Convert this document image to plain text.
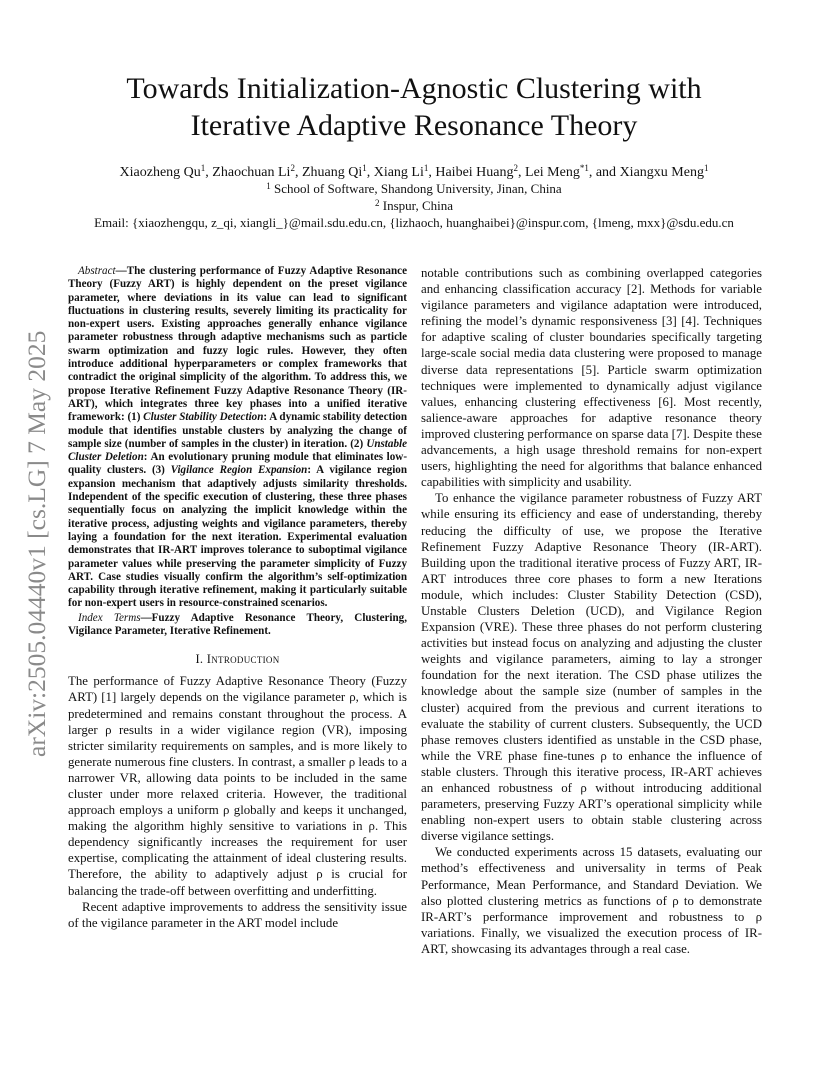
arXiv:2505.04440v1 [cs.LG] 7 May 2025
Towards Initialization-Agnostic Clustering with
Iterative Adaptive Resonance Theory
Xiaozheng Qu$^1$, Zhaochuan Li$^2$, Zhuang Qi$^1$, Xiang Li$^1$, Haibei Huang$^2$, Lei Meng$^{*1}$, and Xiangxu Meng$^1$
$^1$ School of Software, Shandong University, Jinan, China
$^2$ Inspur, China
Email: {xiaozhengqu, z_qi, xiangli_}@mail.sdu.edu.cn, {lizhaoch, huanghaibei}@inspur.com, {lmeng, mxx}@sdu.edu.cn

Abstract—The clustering performance of Fuzzy Adaptive Resonance Theory (Fuzzy ART) is highly dependent on the preset vigilance parameter, where deviations in its value can lead to significant fluctuations in clustering results, severely limiting its practicality for non-expert users. Existing approaches generally enhance vigilance parameter robustness through adaptive mechanisms such as particle swarm optimization and fuzzy logic rules. However, they often introduce additional hyperparameters or complex frameworks that contradict the original simplicity of the algorithm. To address this, we propose Iterative Refinement Fuzzy Adaptive Resonance Theory (IR-ART), which integrates three key phases into a unified iterative framework: (1) Cluster Stability Detection: A dynamic stability detection module that identifies unstable clusters by analyzing the change of sample size (number of samples in the cluster) in iteration. (2) Unstable Cluster Deletion: An evolutionary pruning module that eliminates low-quality clusters. (3) Vigilance Region Expansion: A vigilance region expansion mechanism that adaptively adjusts similarity thresholds. Independent of the specific execution of clustering, these three phases sequentially focus on analyzing the implicit knowledge within the iterative process, adjusting weights and vigilance parameters, thereby laying a foundation for the next iteration. Experimental evaluation demonstrates that IR-ART improves tolerance to suboptimal vigilance parameter values while preserving the parameter simplicity of Fuzzy ART. Case studies visually confirm the algorithm’s self-optimization capability through iterative refinement, making it particularly suitable for non-expert users in resource-constrained scenarios.

Index Terms—Fuzzy Adaptive Resonance Theory, Clustering, Vigilance Parameter, Iterative Refinement.

I. Introduction

The performance of Fuzzy Adaptive Resonance Theory (Fuzzy ART) [1] largely depends on the vigilance parameter ρ, which is predetermined and remains constant throughout the process. A larger ρ results in a wider vigilance region (VR), imposing stricter similarity requirements on samples, and is more likely to generate numerous fine clusters. In contrast, a smaller ρ leads to a narrower VR, allowing data points to be included in the same cluster under more relaxed criteria. However, the traditional approach employs a uniform ρ globally and keeps it unchanged, making the algorithm highly sensitive to variations in ρ. This dependency significantly increases the requirement for user expertise, complicating the attainment of ideal clustering results. Therefore, the ability to adaptively adjust ρ is crucial for balancing the trade-off between overfitting and underfitting.

Recent adaptive improvements to address the sensitivity issue of the vigilance parameter in the ART model include

notable contributions such as combining overlapped categories and enhancing classification accuracy [2]. Methods for variable vigilance parameters and vigilance adaptation were introduced, refining the model’s dynamic responsiveness [3] [4]. Techniques for adaptive scaling of cluster boundaries specifically targeting large-scale social media data clustering were proposed to manage diverse data representations [5]. Particle swarm optimization techniques were implemented to dynamically adjust vigilance values, enhancing clustering effectiveness [6]. Most recently, salience-aware approaches for adaptive resonance theory improved clustering performance on sparse data [7]. Despite these advancements, a high usage threshold remains for non-expert users, highlighting the need for algorithms that balance enhanced capabilities with simplicity and usability.

To enhance the vigilance parameter robustness of Fuzzy ART while ensuring its efficiency and ease of understanding, thereby reducing the difficulty of use, we propose the Iterative Refinement Fuzzy Adaptive Resonance Theory (IR-ART). Building upon the traditional iterative process of Fuzzy ART, IR-ART introduces three core phases to form a new Iterations module, which includes: Cluster Stability Detection (CSD), Unstable Clusters Deletion (UCD), and Vigilance Region Expansion (VRE). These three phases do not perform clustering activities but instead focus on analyzing and adjusting the cluster weights and vigilance parameters, aiming to lay a stronger foundation for the next iteration. The CSD phase utilizes the knowledge about the sample size (number of samples in the cluster) acquired from the previous and current iterations to evaluate the stability of current clusters. Subsequently, the UCD phase removes clusters identified as unstable in the CSD phase, while the VRE phase fine-tunes ρ to enhance the influence of stable clusters. Through this iterative process, IR-ART achieves an enhanced robustness of ρ without introducing additional parameters, preserving Fuzzy ART’s operational simplicity while enabling non-expert users to obtain stable clustering across diverse vigilance settings.

We conducted experiments across 15 datasets, evaluating our method’s effectiveness and universality in terms of Peak Performance, Mean Performance, and Standard Deviation. We also plotted clustering metrics as functions of ρ to demonstrate IR-ART’s performance improvement and robustness to ρ variations. Finally, we visualized the execution process of IR-ART, showcasing its advantages through a real case.
